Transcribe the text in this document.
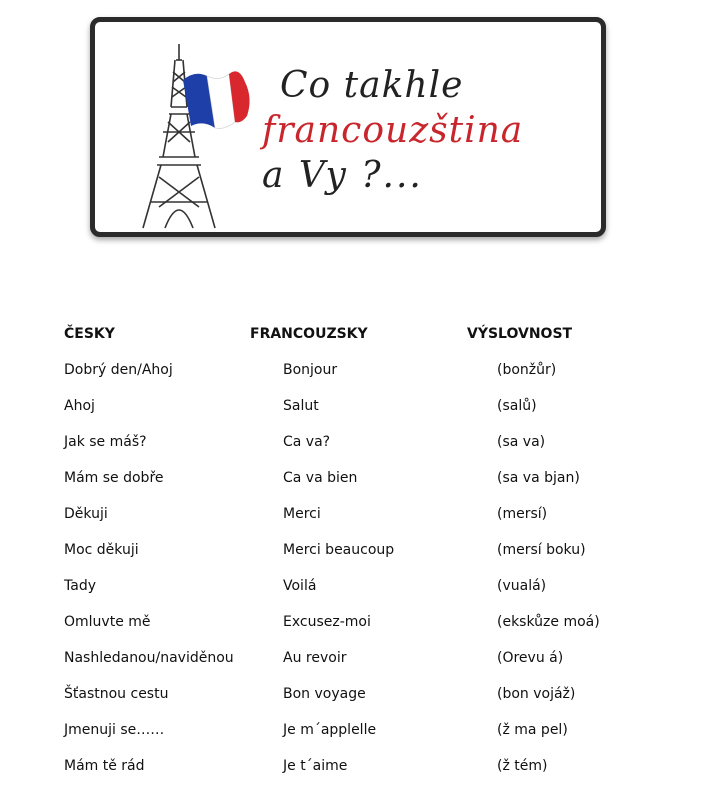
Co takhle
francouzština
a Vy ?...
ČESKY	FRANCOUZSKY	VÝSLOVNOST
Dobrý den/Ahoj	Bonjour	(bonžůr)
Ahoj	Salut	(salů)
Jak se máš?	Ca va?	(sa va)
Mám se dobře	Ca va bien	(sa va bjan)
Děkuji	Merci	(mersí)
Moc děkuji	Merci beaucoup	(mersí boku)
Tady	Voilá	(vualá)
Omluvte mě	Excusez-moi	(ekskůze moá)
Nashledanou/naviděnou	Au revoir	(Orevu á)
Šťastnou cestu	Bon voyage	(bon vojáž)
Jmenuji se……	Je m´applelle	(ž ma pel)
Mám tě rád	Je t´aime	(ž tém)
